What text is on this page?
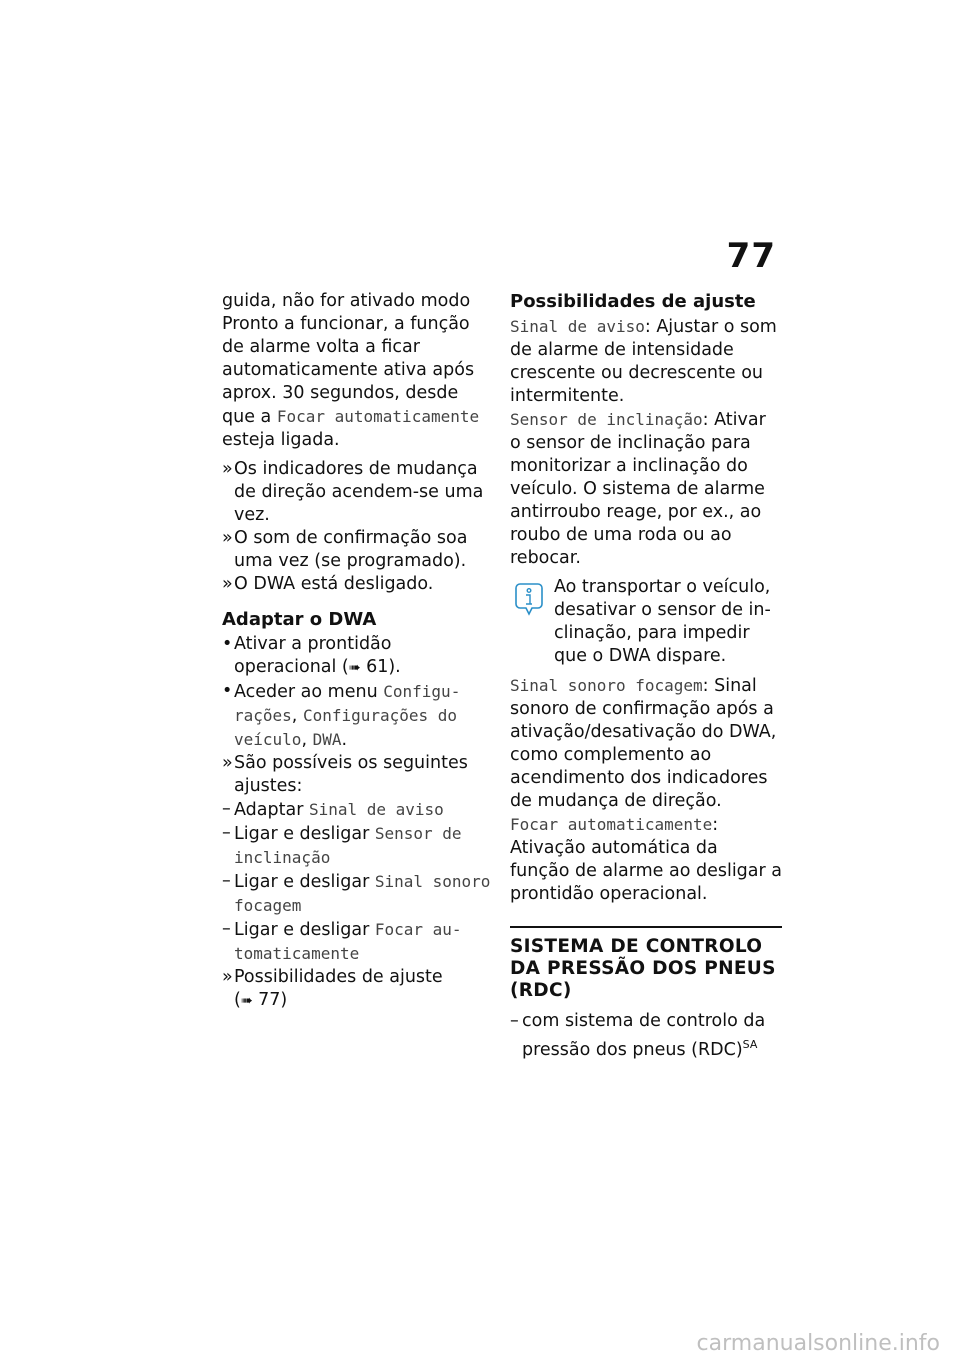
77

guida, não for ativado modo Pronto a funcionar, a função de alarme volta a ficar automaticamente ativa após aprox. 30 segundos, desde que a Focar automaticamente esteja ligada.

» Os indicadores de mudança de direção acendem-se uma vez.

» O som de confirmação soa uma vez (se programado).

» O DWA está desligado.

Adaptar o DWA

• Ativar a prontidão operacional (➠ 61).

• Aceder ao menu Configurações, Configurações do veículo, DWA.

» São possíveis os seguintes ajustes:

– Adaptar Sinal de aviso

– Ligar e desligar Sensor de inclinação

– Ligar e desligar Sinal sonoro focagem

– Ligar e desligar Focar automaticamente

» Possibilidades de ajuste
(➠ 77)

Possibilidades de ajuste

Sinal de aviso: Ajustar o som de alarme de intensidade crescente ou decrescente ou intermitente.

Sensor de inclinação: Ativar o sensor de inclinação para monitorizar a inclinação do veículo. O sistema de alarme antirroubo reage, por ex., ao roubo de uma roda ou ao rebocar.

Ao transportar o veículo, desativar o sensor de inclinação, para impedir que o DWA dispare.

Sinal sonoro focagem: Sinal sonoro de confirmação após a ativação/desativação do DWA, como complemento ao acendimento dos indicadores de mudança de direção.

Focar automaticamente: Ativação automática da função de alarme ao desligar a prontidão operacional.

SISTEMA DE CONTROLO DA PRESSÃO DOS PNEUS (RDC)

– com sistema de controlo da pressão dos pneus (RDC)$^{SA}$

carmanualsonline.info
